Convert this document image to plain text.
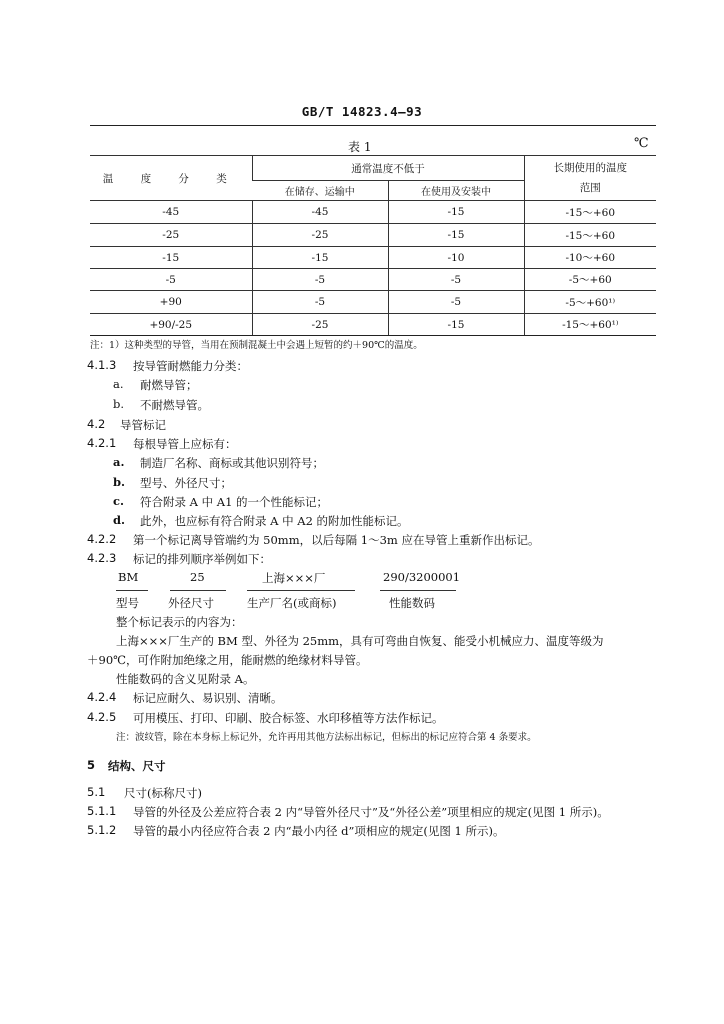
GB/T 14823.4—93
表 1	℃
温 度 分 类	通常温度不低于		长期使用的温度
范围
	在储存、运输中	在使用及安装中	
-45	-45	-15	-15～+60
-25	-25	-15	-15～+60
-15	-15	-10	-10～+60
-5	-5	-5	-5～+60
+90	-5	-5	-5～+60¹⁾
+90/-25	-25	-15	-15～+60¹⁾
注：1）这种类型的导管，当用在预制混凝土中会遇上短暂的约＋90℃的温度。
4.1.3 按导管耐燃能力分类：
a. 耐燃导管；
b. 不耐燃导管。
4.2 导管标记
4.2.1 每根导管上应标有：
a. 制造厂名称、商标或其他识别符号；
b. 型号、外径尺寸；
c. 符合附录 A 中 A1 的一个性能标记；
d. 此外，也应标有符合附录 A 中 A2 的附加性能标记。
4.2.2 第一个标记离导管端约为 50mm，以后每隔 1～3m 应在导管上重新作出标记。
4.2.3 标记的排列顺序举例如下：
BM	25	上海×××厂	290/3200001
型号	外径尺寸	生产厂名(或商标)	性能数码
整个标记表示的内容为：
上海×××厂生产的 BM 型、外径为 25mm，具有可弯曲自恢复、能受小机械应力、温度等级为
＋90℃，可作附加绝缘之用，能耐燃的绝缘材料导管。
性能数码的含义见附录 A。
4.2.4 标记应耐久、易识别、清晰。
4.2.5 可用模压、打印、印刷、胶合标签、水印移植等方法作标记。
注：波纹管，除在本身标上标记外，允许再用其他方法标出标记，但标出的标记应符合第 4 条要求。
5 结构、尺寸
5.1 尺寸(标称尺寸)
5.1.1 导管的外径及公差应符合表 2 内“导管外径尺寸”及“外径公差”项里相应的规定(见图 1 所示)。
5.1.2 导管的最小内径应符合表 2 内“最小内径 d”项相应的规定(见图 1 所示)。
